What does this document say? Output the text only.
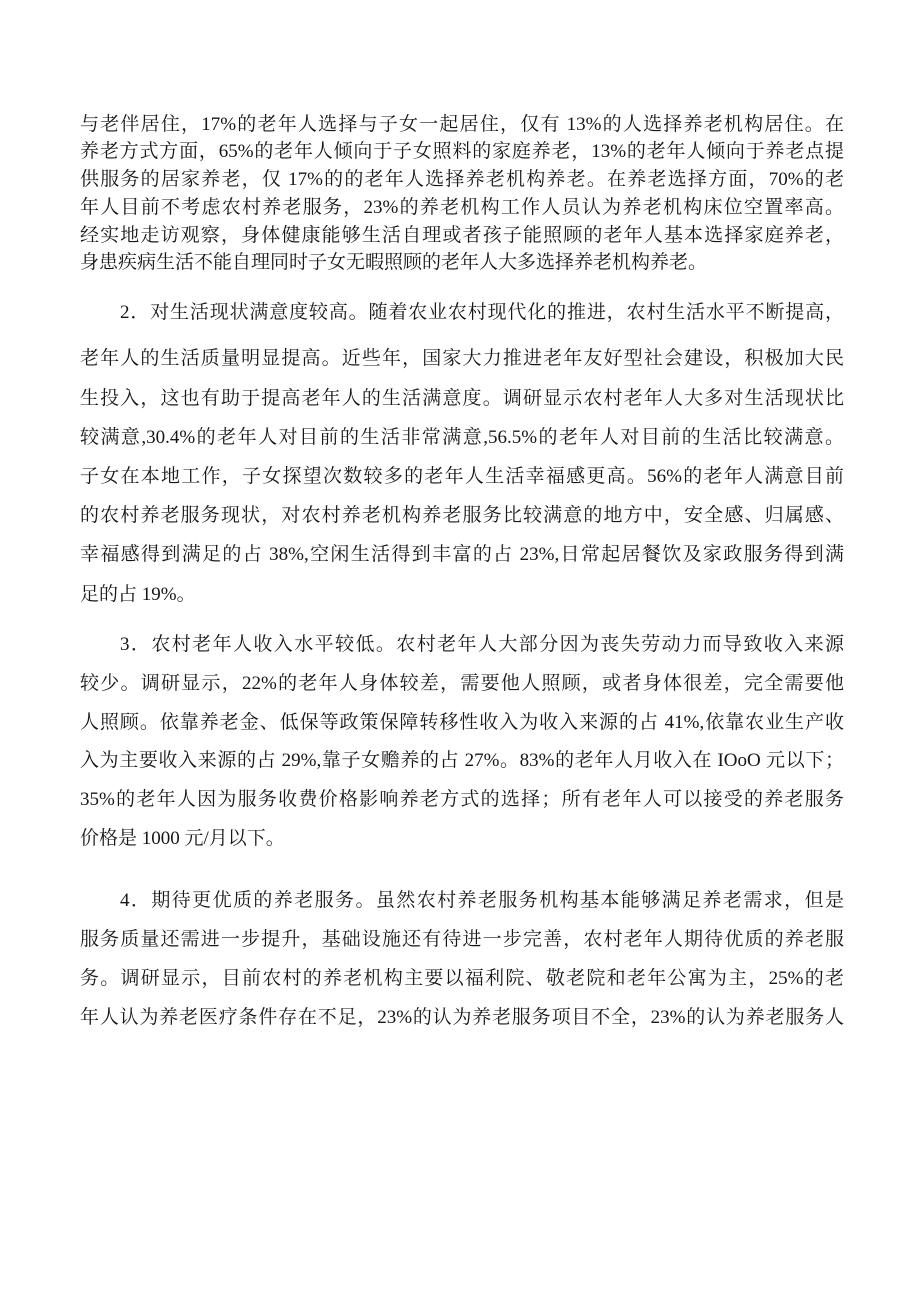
与老伴居住，17%的老年人选择与子女一起居住，仅有 13%的人选择养老机构居住。在
养老方式方面，65%的老年人倾向于子女照料的家庭养老，13%的老年人倾向于养老点提
供服务的居家养老，仅 17%的的老年人选择养老机构养老。在养老选择方面，70%的老
年人目前不考虑农村养老服务，23%的养老机构工作人员认为养老机构床位空置率高。
经实地走访观察，身体健康能够生活自理或者孩子能照顾的老年人基本选择家庭养老，
身患疾病生活不能自理同时子女无暇照顾的老年人大多选择养老机构养老。
2．对生活现状满意度较高。随着农业农村现代化的推进，农村生活水平不断提高，
老年人的生活质量明显提高。近些年，国家大力推进老年友好型社会建设，积极加大民
生投入，这也有助于提高老年人的生活满意度。调研显示农村老年人大多对生活现状比
较满意,30.4%的老年人对目前的生活非常满意,56.5%的老年人对目前的生活比较满意。
子女在本地工作，子女探望次数较多的老年人生活幸福感更高。56%的老年人满意目前
的农村养老服务现状，对农村养老机构养老服务比较满意的地方中，安全感、归属感、
幸福感得到满足的占 38%,空闲生活得到丰富的占 23%,日常起居餐饮及家政服务得到满
足的占 19%。
3．农村老年人收入水平较低。农村老年人大部分因为丧失劳动力而导致收入来源
较少。调研显示，22%的老年人身体较差，需要他人照顾，或者身体很差，完全需要他
人照顾。依靠养老金、低保等政策保障转移性收入为收入来源的占 41%,依靠农业生产收
入为主要收入来源的占 29%,靠子女赡养的占 27%。83%的老年人月收入在 IOoO 元以下；
35%的老年人因为服务收费价格影响养老方式的选择；所有老年人可以接受的养老服务
价格是 1000 元/月以下。
4．期待更优质的养老服务。虽然农村养老服务机构基本能够满足养老需求，但是
服务质量还需进一步提升，基础设施还有待进一步完善，农村老年人期待优质的养老服
务。调研显示，目前农村的养老机构主要以福利院、敬老院和老年公寓为主，25%的老
年人认为养老医疗条件存在不足，23%的认为养老服务项目不全，23%的认为养老服务人
